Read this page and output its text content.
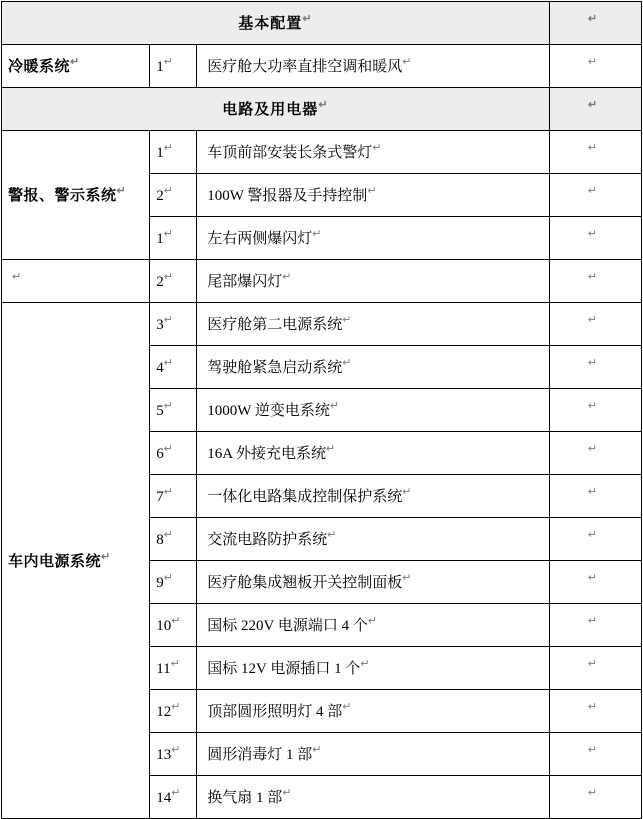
基本配置↵			↵

冷暖系统↵	1↵	医疗舱大功率直排空调和暖风↵	↵

电路及用电器↵			↵

警报、警示系统↵	1↵	车顶前部安装长条式警灯↵	↵

	2↵	100W 警报器及手持控制↵	↵

	1↵	左右两侧爆闪灯↵	↵

↵	2↵	尾部爆闪灯↵	↵

车内电源系统↵	3↵	医疗舱第二电源系统↵	↵

	4↵	驾驶舱紧急启动系统↵	↵

	5↵	1000W 逆变电系统↵	↵

	6↵	16A 外接充电系统↵	↵

	7↵	一体化电路集成控制保护系统↵	↵

	8↵	交流电路防护系统↵	↵

	9↵	医疗舱集成翘板开关控制面板↵	↵

	10↵	国标 220V 电源端口 4 个↵	↵

	11↵	国标 12V 电源插口 1 个↵	↵

	12↵	顶部圆形照明灯 4 部↵	↵

	13↵	圆形消毒灯 1 部↵	↵

	14↵	换气扇 1 部↵	↵
